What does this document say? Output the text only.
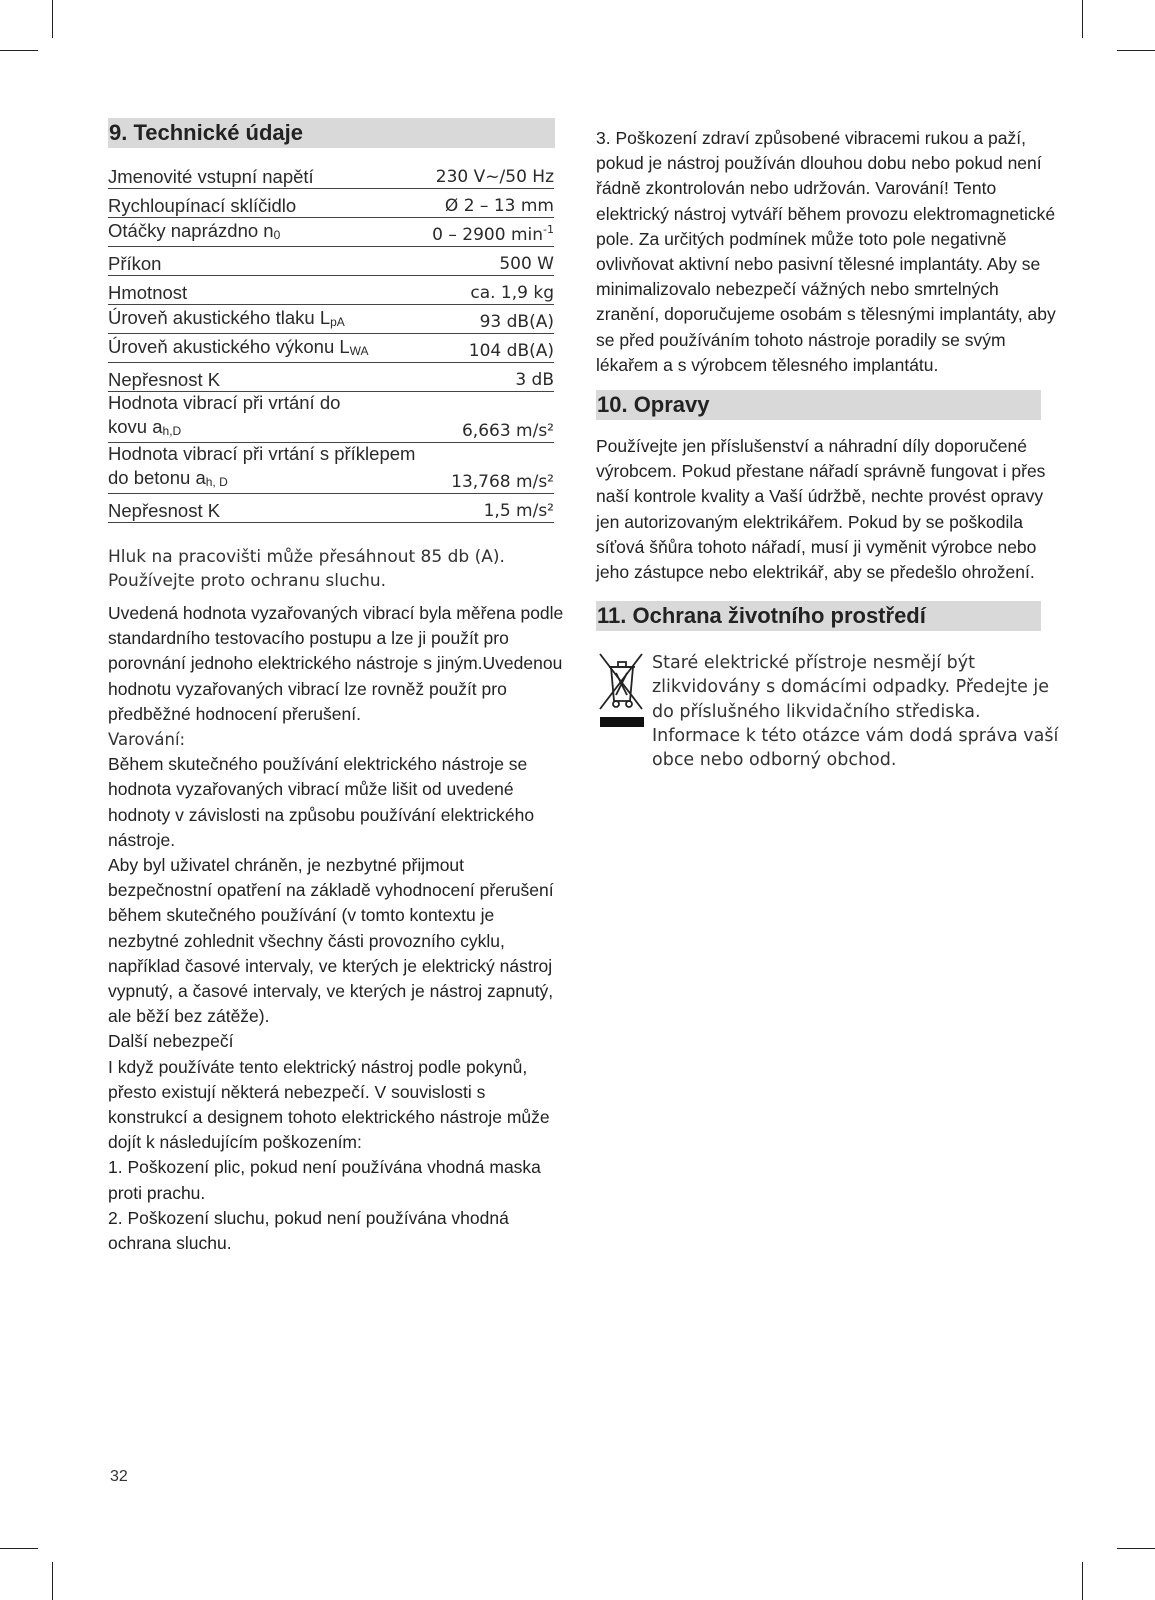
9. Technické údaje
Jmenovité vstupní napětí	230 V~/50 Hz
Rychloupínací sklíčidlo	Ø 2 – 13 mm
Otáčky naprázdno $n_0$	0 – 2900 $\min^{-1}$
Příkon	500 W
Hmotnost	ca. 1,9 kg
Úroveň akustického tlaku $L_{pA}$	93 dB(A)
Úroveň akustického výkonu $L_{WA}$	104 dB(A)
Nepřesnost K	3 dB
Hodnota vibrací při vrtání do	
kovu $a_{h,D}$	6,663 m/s²
Hodnota vibrací při vrtání s příklepem	
do betonu $a_{h, D}$	13,768 m/s²
Nepřesnost K	1,5 m/s²
Hluk na pracovišti může přesáhnout 85 db (A). Používejte proto ochranu sluchu.
Uvedená hodnota vyzařovaných vibrací byla měřena podle standardního testovacího postupu a lze ji použít pro porovnání jednoho elektrického nástroje s jiným.Uvedenou hodnotu vyzařovaných vibrací lze rovněž použít pro předběžné hodnocení přerušení.
Varování:
Během skutečného používání elektrického nástroje se hodnota vyzařovaných vibrací může lišit od uvedené hodnoty v závislosti na způsobu používání elektrického nástroje.
Aby byl uživatel chráněn, je nezbytné přijmout bezpečnostní opatření na základě vyhodnocení přerušení během skutečného používání (v tomto kontextu je nezbytné zohlednit všechny části provozního cyklu, například časové intervaly, ve kterých je elektrický nástroj vypnutý, a časové intervaly, ve kterých je nástroj zapnutý, ale běží bez zátěže).
Další nebezpečí
I když používáte tento elektrický nástroj podle pokynů, přesto existují některá nebezpečí. V souvislosti s konstrukcí a designem tohoto elektrického nástroje může dojít k následujícím poškozením:
1. Poškození plic, pokud není používána vhodná maska proti prachu.
2. Poškození sluchu, pokud není používána vhodná ochrana sluchu.
3. Poškození zdraví způsobené vibracemi rukou a paží, pokud je nástroj používán dlouhou dobu nebo pokud není řádně zkontrolován nebo udržován. Varování! Tento elektrický nástroj vytváří během provozu elektromagnetické pole. Za určitých podmínek může toto pole negativně ovlivňovat aktivní nebo pasivní tělesné implantáty. Aby se minimalizovalo nebezpečí vážných nebo smrtelných zranění, doporučujeme osobám s tělesnými implantáty, aby se před používáním tohoto nástroje poradily se svým lékařem a s výrobcem tělesného implantátu.
10. Opravy
Používejte jen příslušenství a náhradní díly doporučené výrobcem. Pokud přestane nářadí správně fungovat i přes naší kontrole kvality a Vaší údržbě, nechte provést opravy jen autorizovaným elektrikářem. Pokud by se poškodila síťová šňůra tohoto nářadí, musí ji vyměnit výrobce nebo jeho zástupce nebo elektrikář, aby se předešlo ohrožení.
11. Ochrana životního prostředí
Staré elektrické přístroje nesmějí být zlikvidovány s domácími odpadky. Předejte je do příslušného likvidačního střediska. Informace k této otázce vám dodá správa vaší obce nebo odborný obchod.
32
